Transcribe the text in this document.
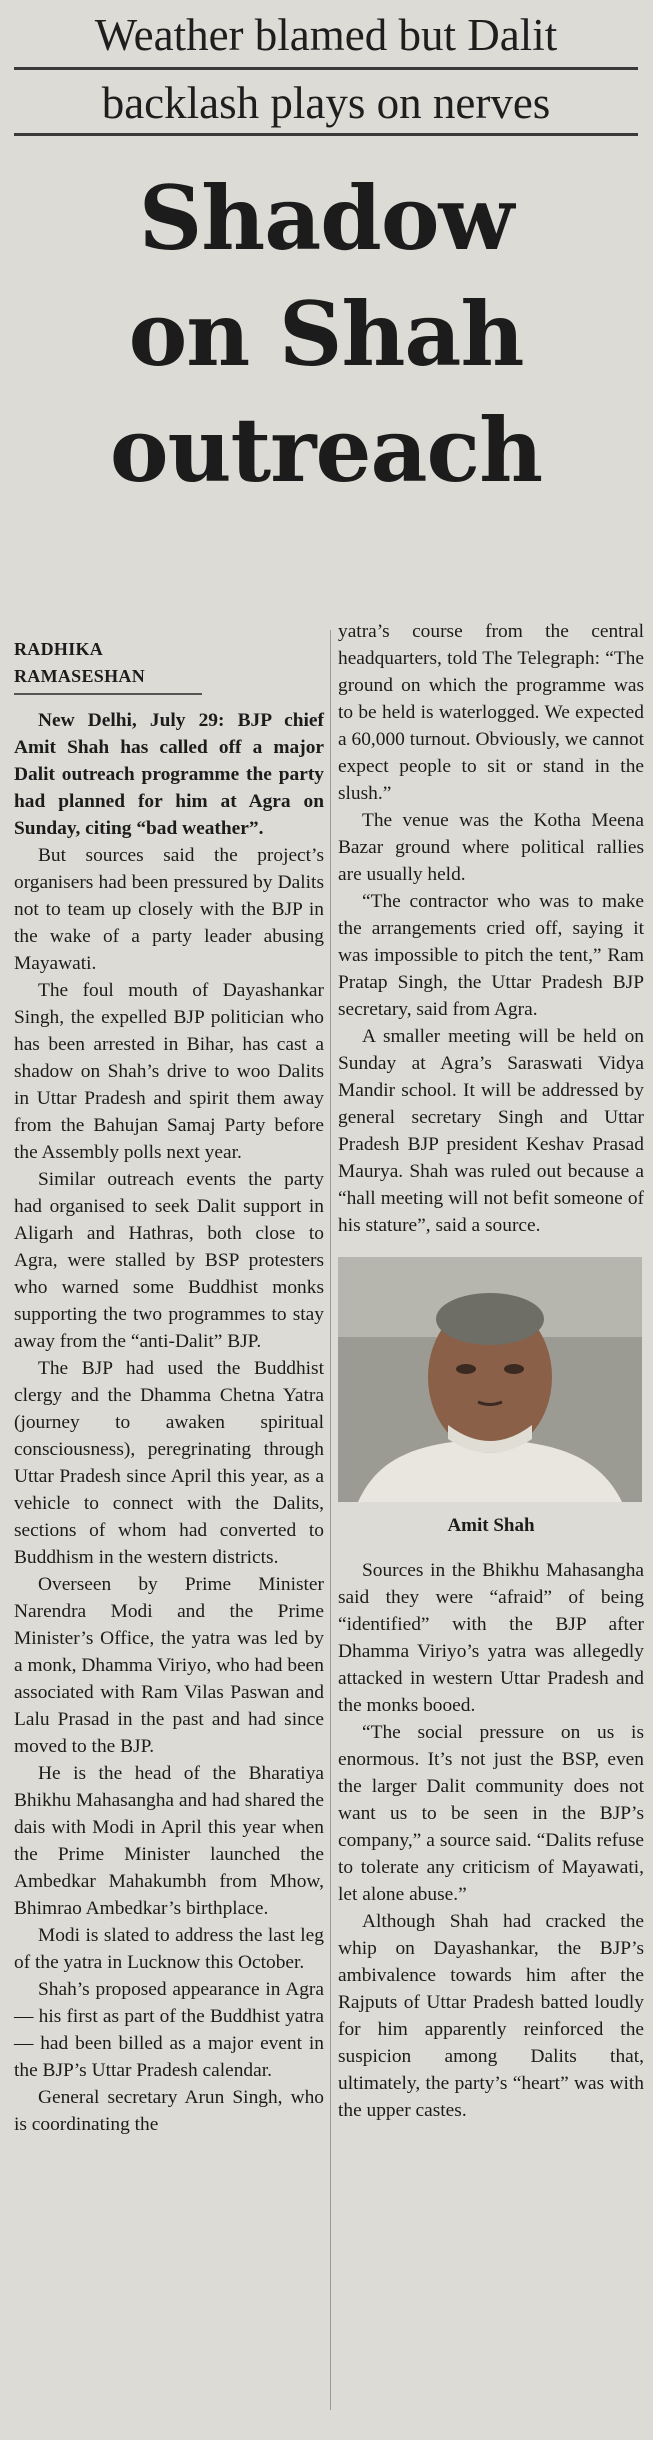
Weather blamed but Dalit
backlash plays on nerves
Shadow
on Shah
outreach
RADHIKA RAMASESHAN

New Delhi, July 29: BJP chief Amit Shah has called off a major Dalit outreach programme the party had planned for him at Agra on Sunday, citing “bad weather”.

But sources said the project’s organisers had been pressured by Dalits not to team up closely with the BJP in the wake of a party leader abusing Mayawati.

The foul mouth of Dayashankar Singh, the expelled BJP politician who has been arrested in Bihar, has cast a shadow on Shah’s drive to woo Dalits in Uttar Pradesh and spirit them away from the Bahujan Samaj Party before the Assembly polls next year.

Similar outreach events the party had organised to seek Dalit support in Aligarh and Hathras, both close to Agra, were stalled by BSP protesters who warned some Buddhist monks supporting the two programmes to stay away from the “anti-Dalit” BJP.

The BJP had used the Buddhist clergy and the Dhamma Chetna Yatra (journey to awaken spiritual consciousness), peregrinating through Uttar Pradesh since April this year, as a vehicle to connect with the Dalits, sections of whom had converted to Buddhism in the western districts.

Overseen by Prime Minister Narendra Modi and the Prime Minister’s Office, the yatra was led by a monk, Dhamma Viriyo, who had been associated with Ram Vilas Paswan and Lalu Prasad in the past and had since moved to the BJP.

He is the head of the Bharatiya Bhikhu Mahasangha and had shared the dais with Modi in April this year when the Prime Minister launched the Ambedkar Mahakumbh from Mhow, Bhimrao Ambedkar’s birthplace.

Modi is slated to address the last leg of the yatra in Lucknow this October.

Shah’s proposed appearance in Agra — his first as part of the Buddhist yatra — had been billed as a major event in the BJP’s Uttar Pradesh calendar.

General secretary Arun Singh, who is coordinating the

yatra’s course from the central headquarters, told The Telegraph: “The ground on which the programme was to be held is waterlogged. We expected a 60,000 turnout. Obviously, we cannot expect people to sit or stand in the slush.”

The venue was the Kotha Meena Bazar ground where political rallies are usually held.

“The contractor who was to make the arrangements cried off, saying it was impossible to pitch the tent,” Ram Pratap Singh, the Uttar Pradesh BJP secretary, said from Agra.

A smaller meeting will be held on Sunday at Agra’s Saraswati Vidya Mandir school. It will be addressed by general secretary Singh and Uttar Pradesh BJP president Keshav Prasad Maurya. Shah was ruled out because a “hall meeting will not befit someone of his stature”, said a source.

Amit Shah

Sources in the Bhikhu Mahasangha said they were “afraid” of being “identified” with the BJP after Dhamma Viriyo’s yatra was allegedly attacked in western Uttar Pradesh and the monks booed.

“The social pressure on us is enormous. It’s not just the BSP, even the larger Dalit community does not want us to be seen in the BJP’s company,” a source said. “Dalits refuse to tolerate any criticism of Mayawati, let alone abuse.”

Although Shah had cracked the whip on Dayashankar, the BJP’s ambivalence towards him after the Rajputs of Uttar Pradesh batted loudly for him apparently reinforced the suspicion among Dalits that, ultimately, the party’s “heart” was with the upper castes.
